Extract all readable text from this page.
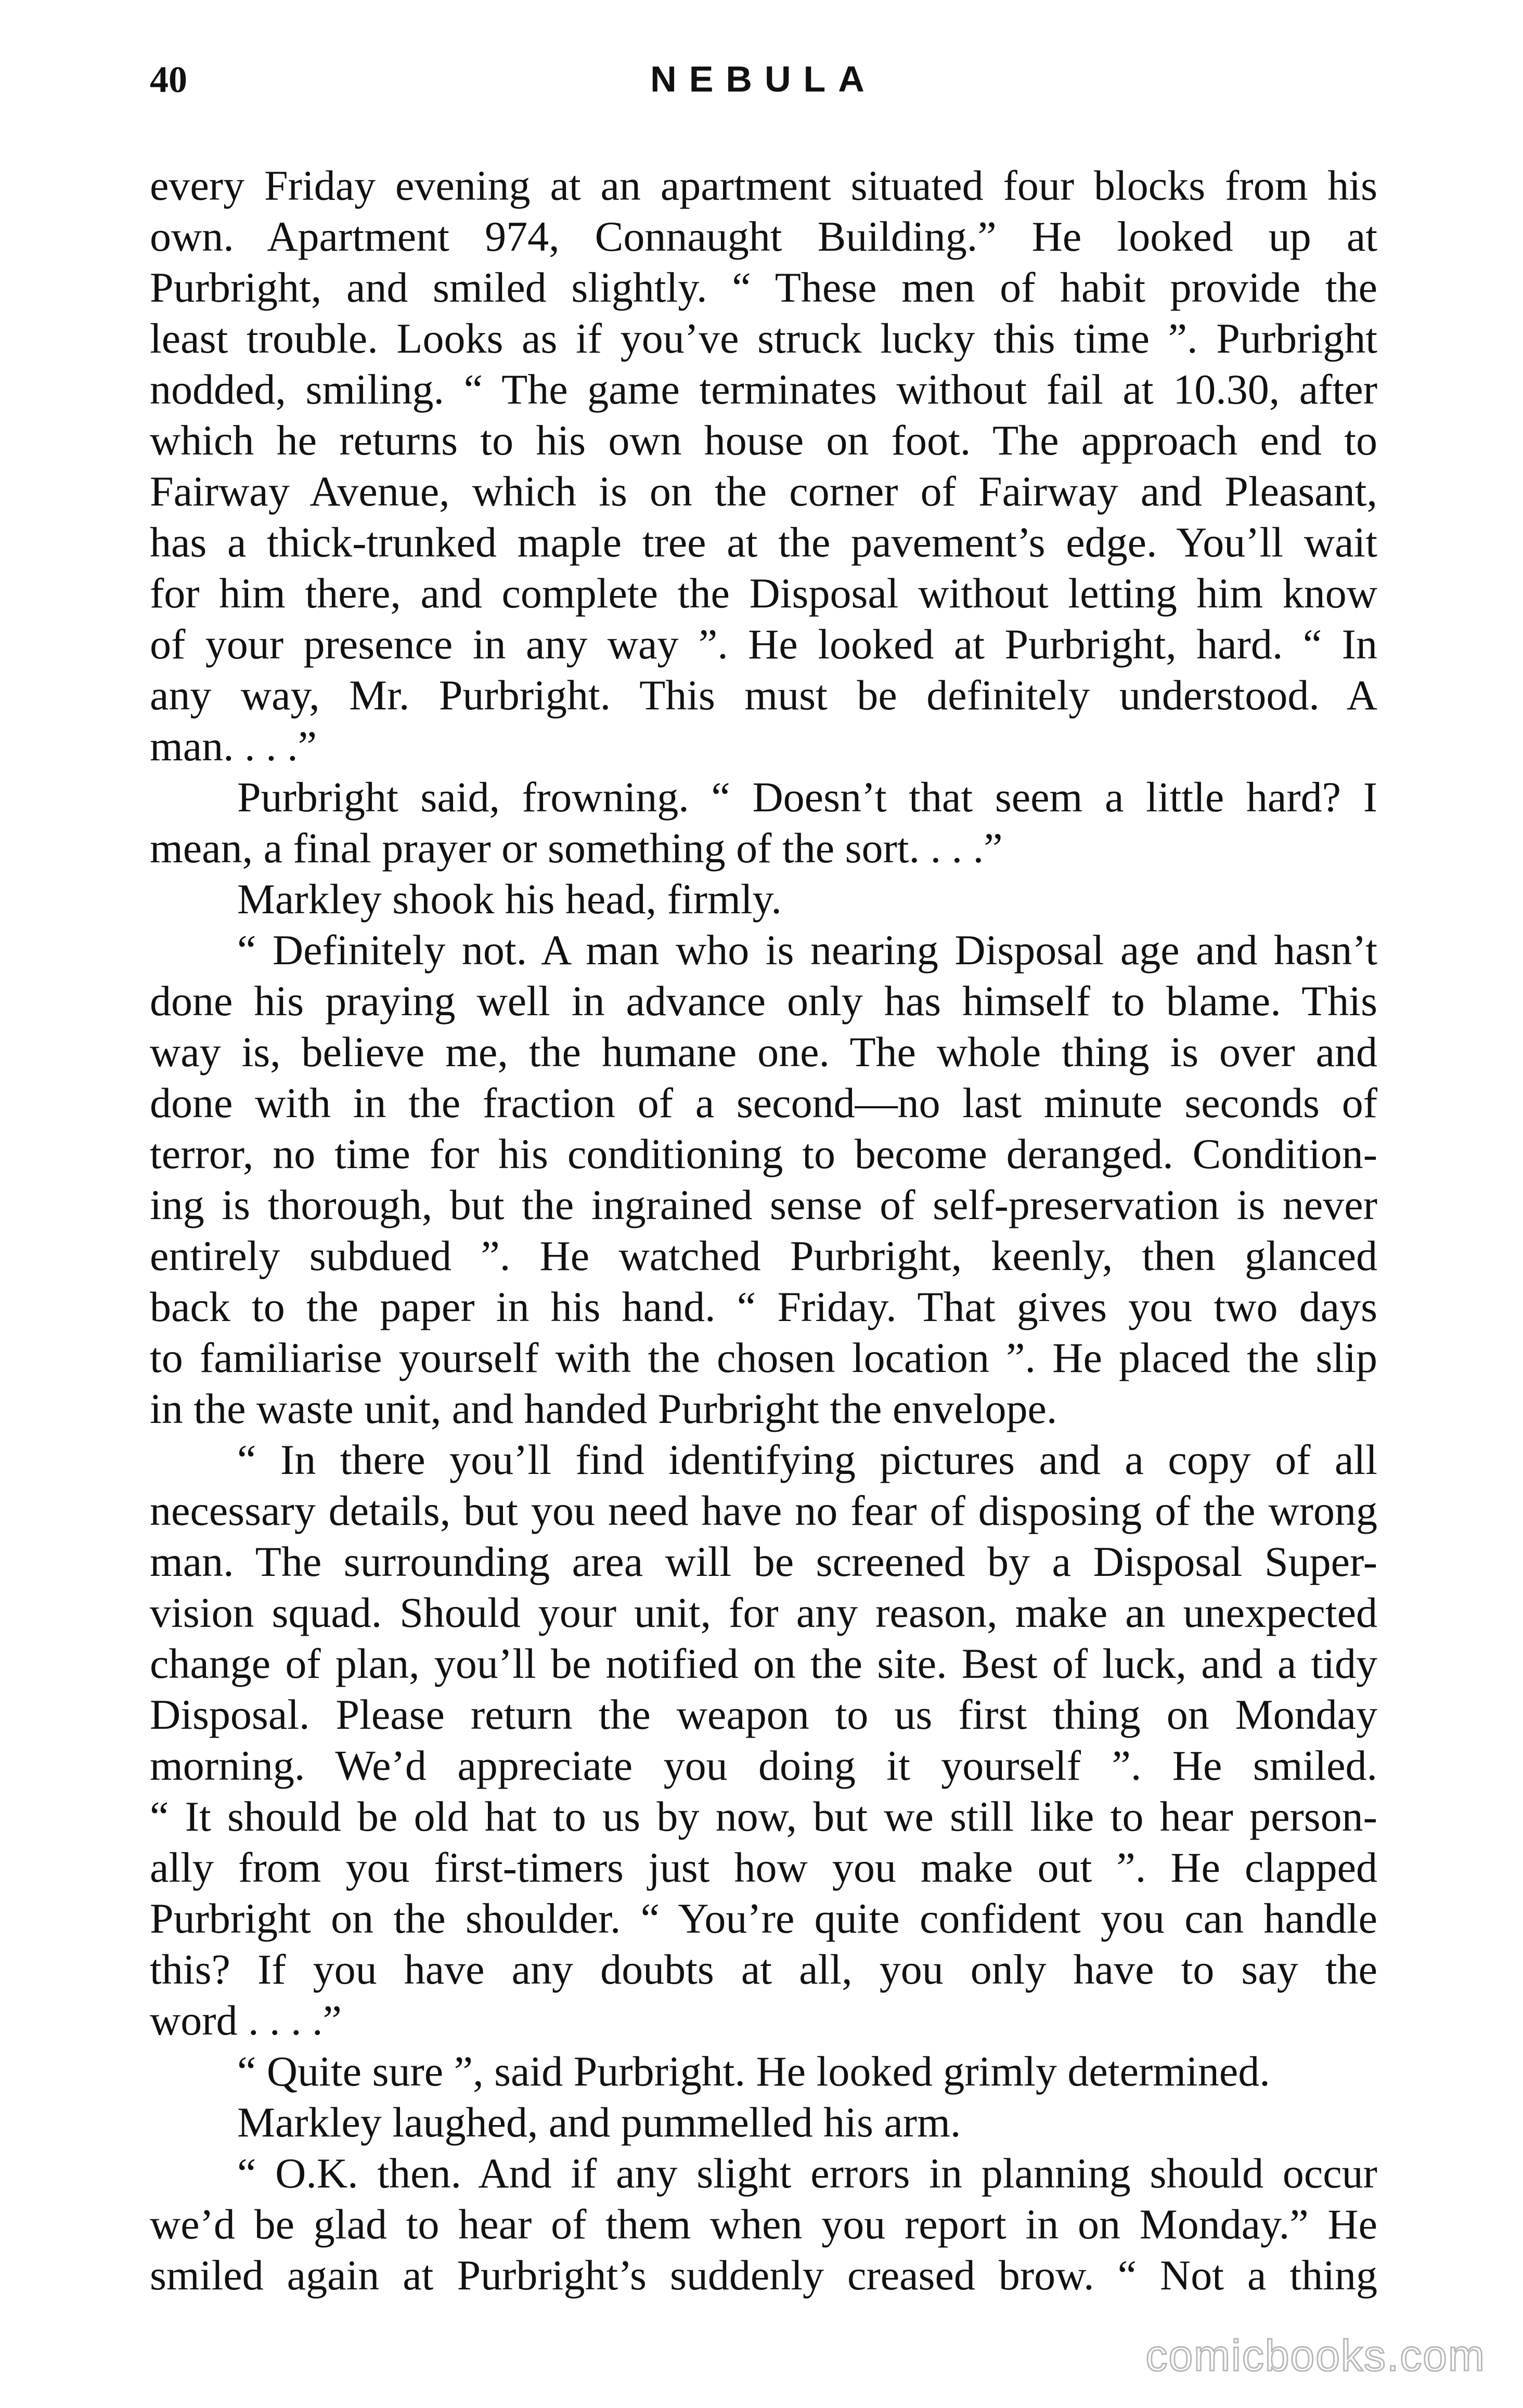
40	NEBULA
every Friday evening at an apartment situated four blocks from his
own. Apartment 974, Connaught Building.” He looked up at
Purbright, and smiled slightly. “ These men of habit provide the
least trouble. Looks as if you’ve struck lucky this time ”. Purbright
nodded, smiling. “ The game terminates without fail at 10.30, after
which he returns to his own house on foot. The approach end to
Fairway Avenue, which is on the corner of Fairway and Pleasant,
has a thick-trunked maple tree at the pavement’s edge. You’ll wait
for him there, and complete the Disposal without letting him know
of your presence in any way ”. He looked at Purbright, hard. “ In
any way, Mr. Purbright. This must be definitely understood. A
man. . . .”
Purbright said, frowning. “ Doesn’t that seem a little hard? I
mean, a final prayer or something of the sort. . . .”
Markley shook his head, firmly.
“ Definitely not. A man who is nearing Disposal age and hasn’t
done his praying well in advance only has himself to blame. This
way is, believe me, the humane one. The whole thing is over and
done with in the fraction of a second—no last minute seconds of
terror, no time for his conditioning to become deranged. Condition-
ing is thorough, but the ingrained sense of self-preservation is never
entirely subdued ”. He watched Purbright, keenly, then glanced
back to the paper in his hand. “ Friday. That gives you two days
to familiarise yourself with the chosen location ”. He placed the slip
in the waste unit, and handed Purbright the envelope.
“ In there you’ll find identifying pictures and a copy of all
necessary details, but you need have no fear of disposing of the wrong
man. The surrounding area will be screened by a Disposal Super-
vision squad. Should your unit, for any reason, make an unexpected
change of plan, you’ll be notified on the site. Best of luck, and a tidy
Disposal. Please return the weapon to us first thing on Monday
morning. We’d appreciate you doing it yourself ”. He smiled.
“ It should be old hat to us by now, but we still like to hear person-
ally from you first-timers just how you make out ”. He clapped
Purbright on the shoulder. “ You’re quite confident you can handle
this? If you have any doubts at all, you only have to say the
word . . . .”
“ Quite sure ”, said Purbright. He looked grimly determined.
Markley laughed, and pummelled his arm.
“ O.K. then. And if any slight errors in planning should occur
we’d be glad to hear of them when you report in on Monday.” He
smiled again at Purbright’s suddenly creased brow. “ Not a thing
comicbooks.com
